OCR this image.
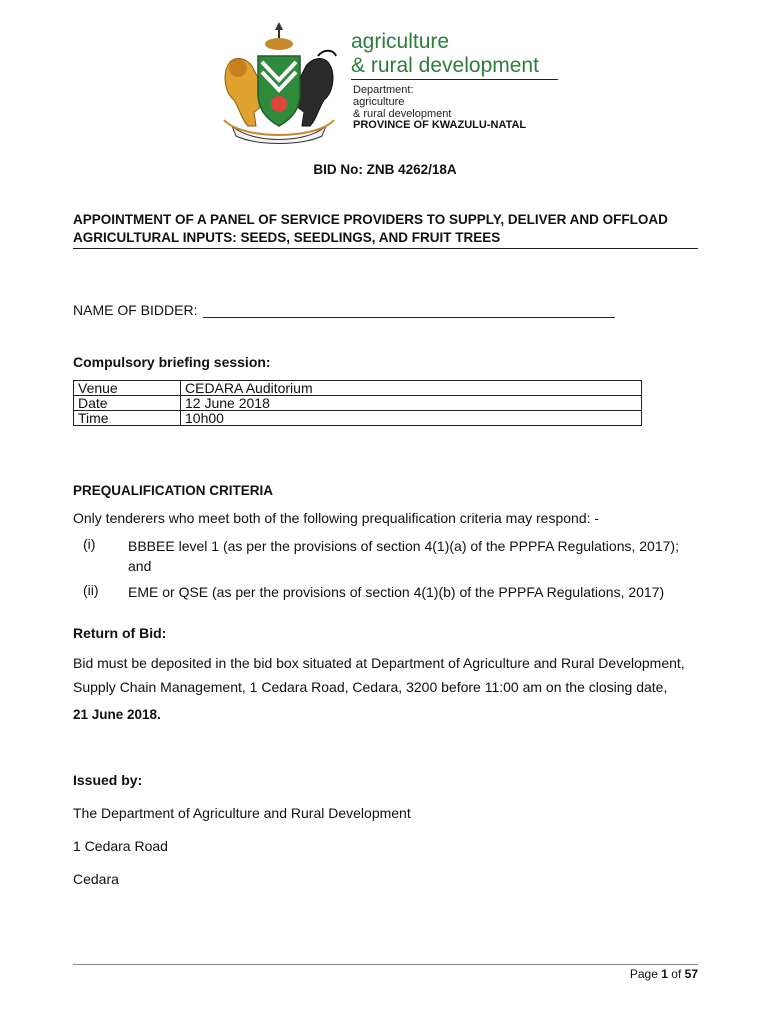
agriculture
& rural development
Department:
agriculture
& rural development
PROVINCE OF KWAZULU-NATAL
BID No: ZNB 4262/18A
APPOINTMENT OF A PANEL OF SERVICE PROVIDERS TO SUPPLY, DELIVER AND OFFLOAD AGRICULTURAL INPUTS: SEEDS, SEEDLINGS, AND FRUIT TREES
NAME OF BIDDER:
Compulsory briefing session:
Venue	CEDARA Auditorium
Date	12 June 2018
Time	10h00
PREQUALIFICATION CRITERIA
Only tenderers who meet both of the following prequalification criteria may respond: -
(i) BBBEE level 1 (as per the provisions of section 4(1)(a) of the PPPFA Regulations, 2017); and
(ii) EME or QSE (as per the provisions of section 4(1)(b) of the PPPFA Regulations, 2017)
Return of Bid:
Bid must be deposited in the bid box situated at Department of Agriculture and Rural Development, Supply Chain Management, 1 Cedara Road, Cedara, 3200 before 11:00 am on the closing date,
21 June 2018.
Issued by:
The Department of Agriculture and Rural Development
1 Cedara Road
Cedara
Page 1 of 57
